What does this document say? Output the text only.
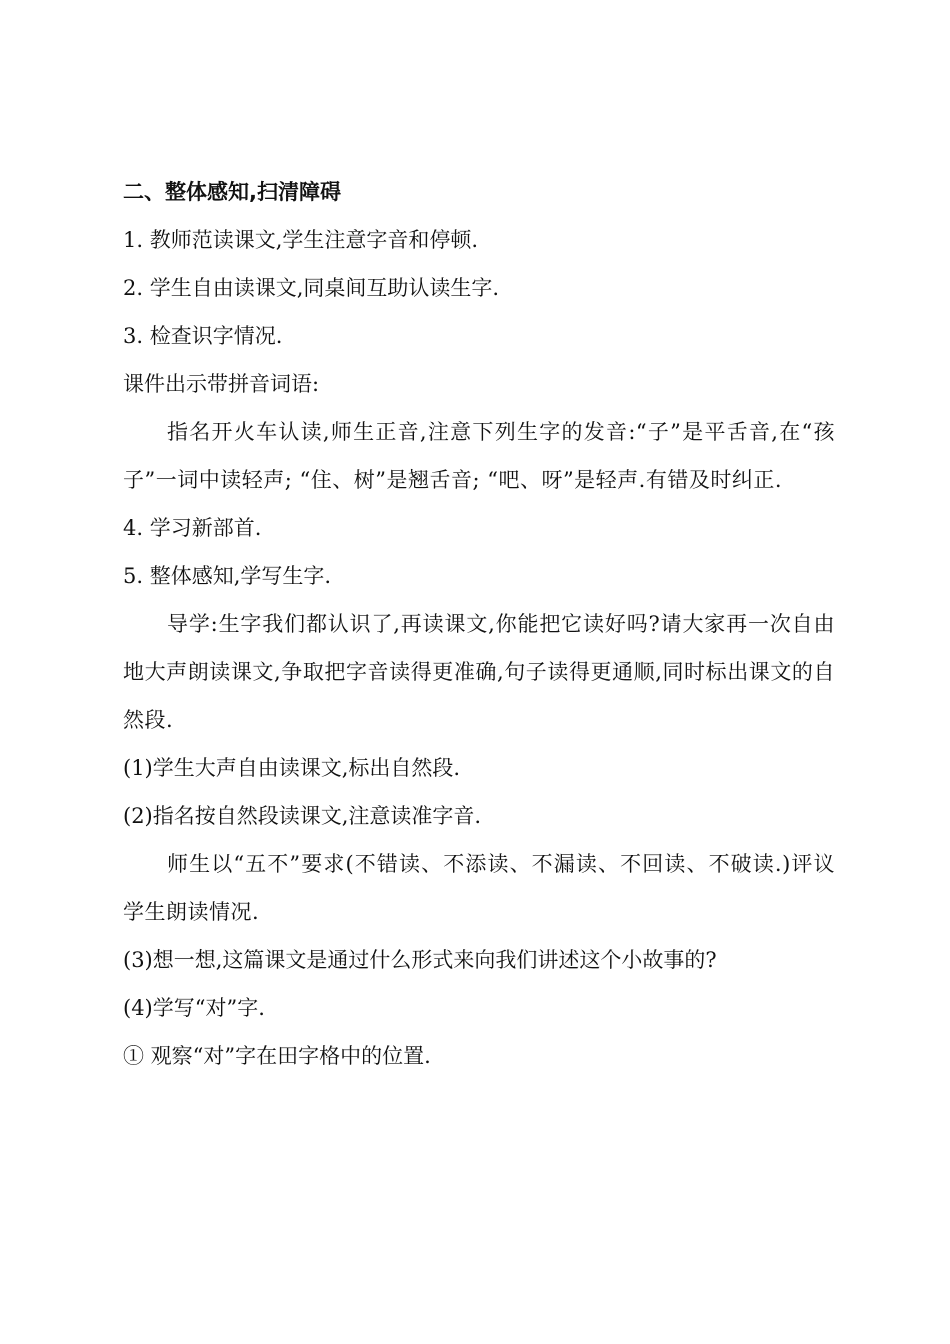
二、整体感知,扫清障碍
1. 教师范读课文,学生注意字音和停顿.
2. 学生自由读课文,同桌间互助认读生字.
3. 检查识字情况.
课件出示带拼音词语:
指名开火车认读,师生正音,注意下列生字的发音:“子”是平舌音,在“孩子”一词中读轻声; “住、树”是翘舌音; “吧、呀”是轻声.有错及时纠正.
4. 学习新部首.
5. 整体感知,学写生字.
导学:生字我们都认识了,再读课文,你能把它读好吗?请大家再一次自由地大声朗读课文,争取把字音读得更准确,句子读得更通顺,同时标出课文的自然段.
(1)学生大声自由读课文,标出自然段.
(2)指名按自然段读课文,注意读准字音.
师生以“五不”要求(不错读、不添读、不漏读、不回读、不破读.)评议学生朗读情况.
(3)想一想,这篇课文是通过什么形式来向我们讲述这个小故事的?
(4)学写“对”字.
① 观察“对”字在田字格中的位置.
